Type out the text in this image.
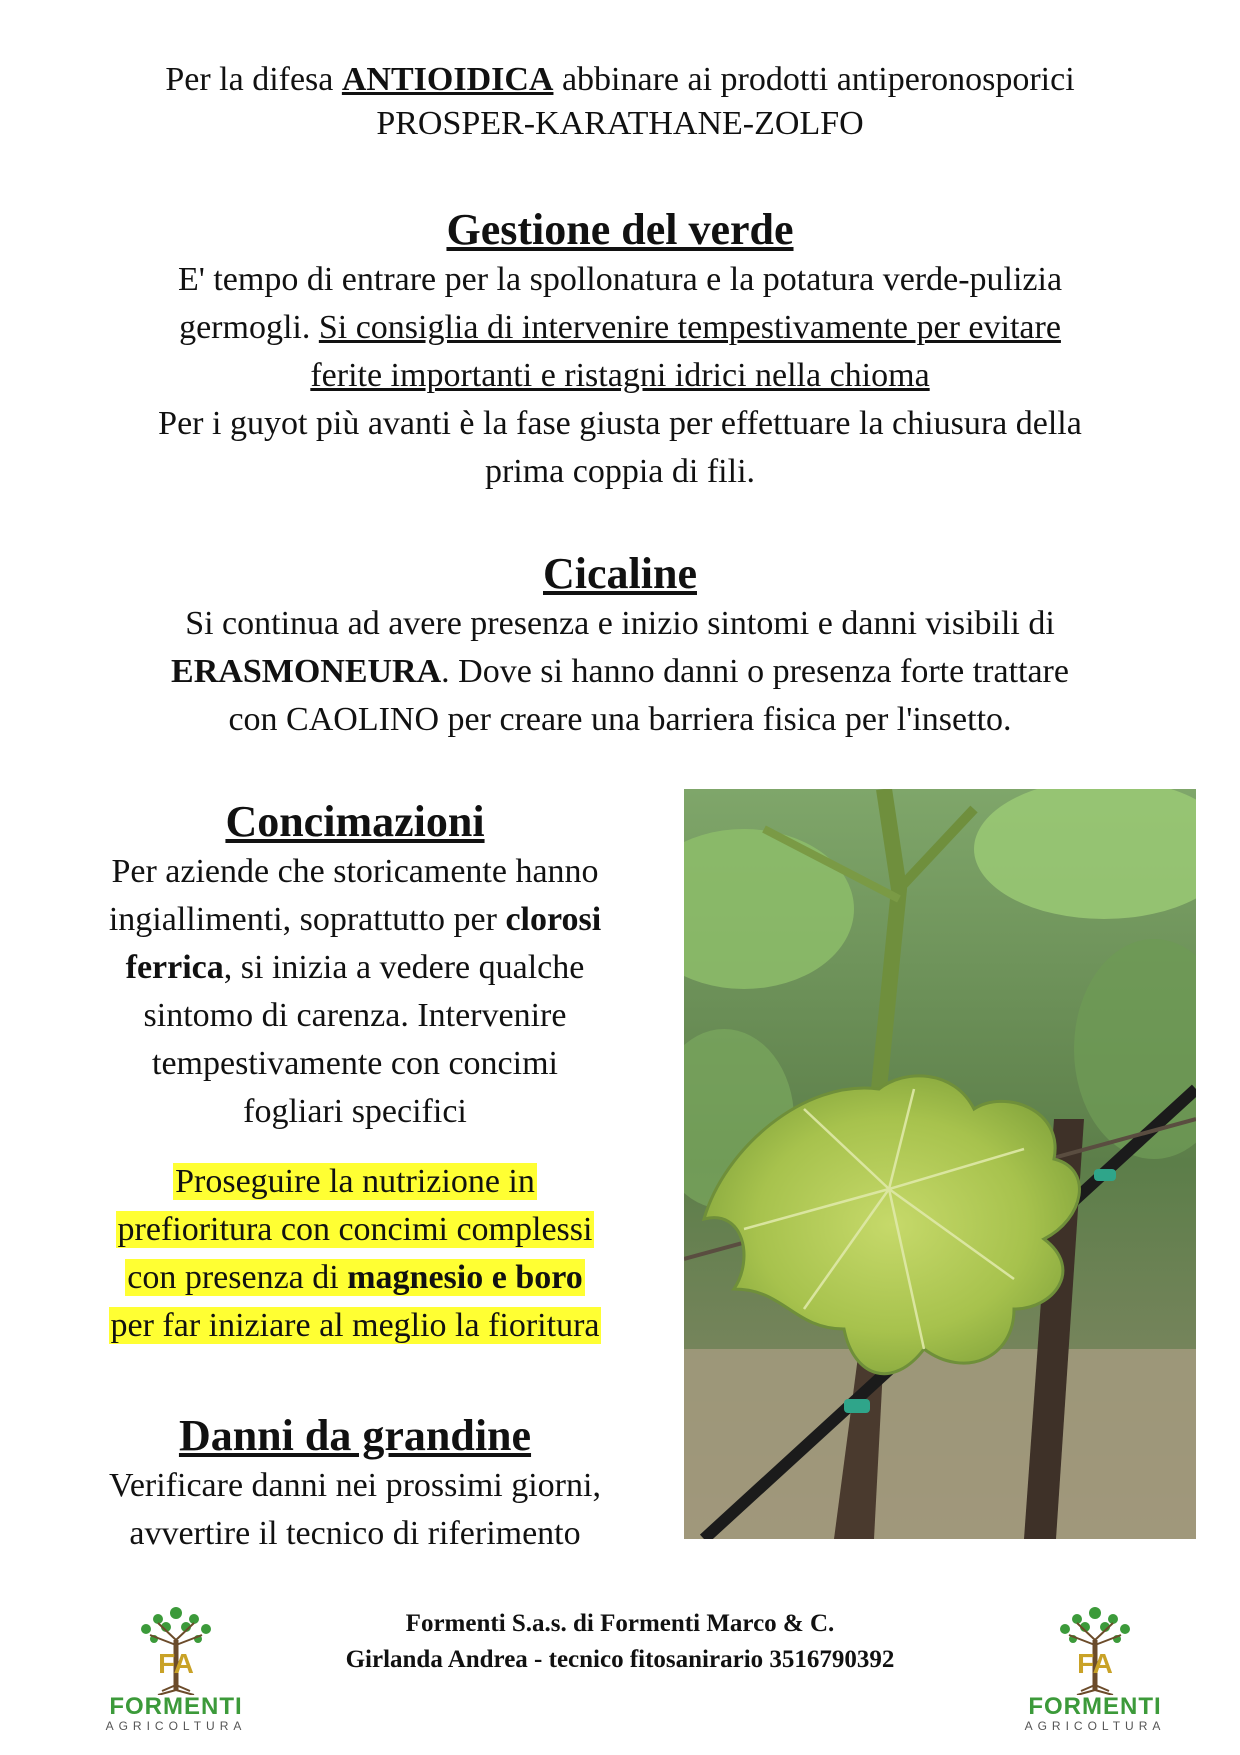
Per la difesa ANTIOIDICA abbinare ai prodotti antiperonosporici
PROSPER-KARATHANE-ZOLFO
Gestione del verde
E' tempo di entrare per la spollonatura e la potatura verde-pulizia
germogli. Si consiglia di intervenire tempestivamente per evitare
ferite importanti e ristagni idrici nella chioma
Per i guyot più avanti è la fase giusta per effettuare la chiusura della
prima coppia di fili.
Cicaline
Si continua ad avere presenza e inizio sintomi e danni visibili di
ERASMONEURA. Dove si hanno danni o presenza forte trattare
con CAOLINO per creare una barriera fisica per l'insetto.
Concimazioni
Per aziende che storicamente hanno
ingiallimenti, soprattutto per clorosi
ferrica, si inizia a vedere qualche
sintomo di carenza. Intervenire
tempestivamente con concimi
fogliari specifici
Proseguire la nutrizione in
prefioritura con concimi complessi
con presenza di magnesio e boro
per far iniziare al meglio la fioritura
Danni da grandine
Verificare danni nei prossimi giorni,
avvertire il tecnico di riferimento
FA
FORMENTI
AGRICOLTURA
Formenti S.a.s. di Formenti Marco & C.
Girlanda Andrea - tecnico fitosanirario 3516790392	FA
FORMENTI
AGRICOLTURA
